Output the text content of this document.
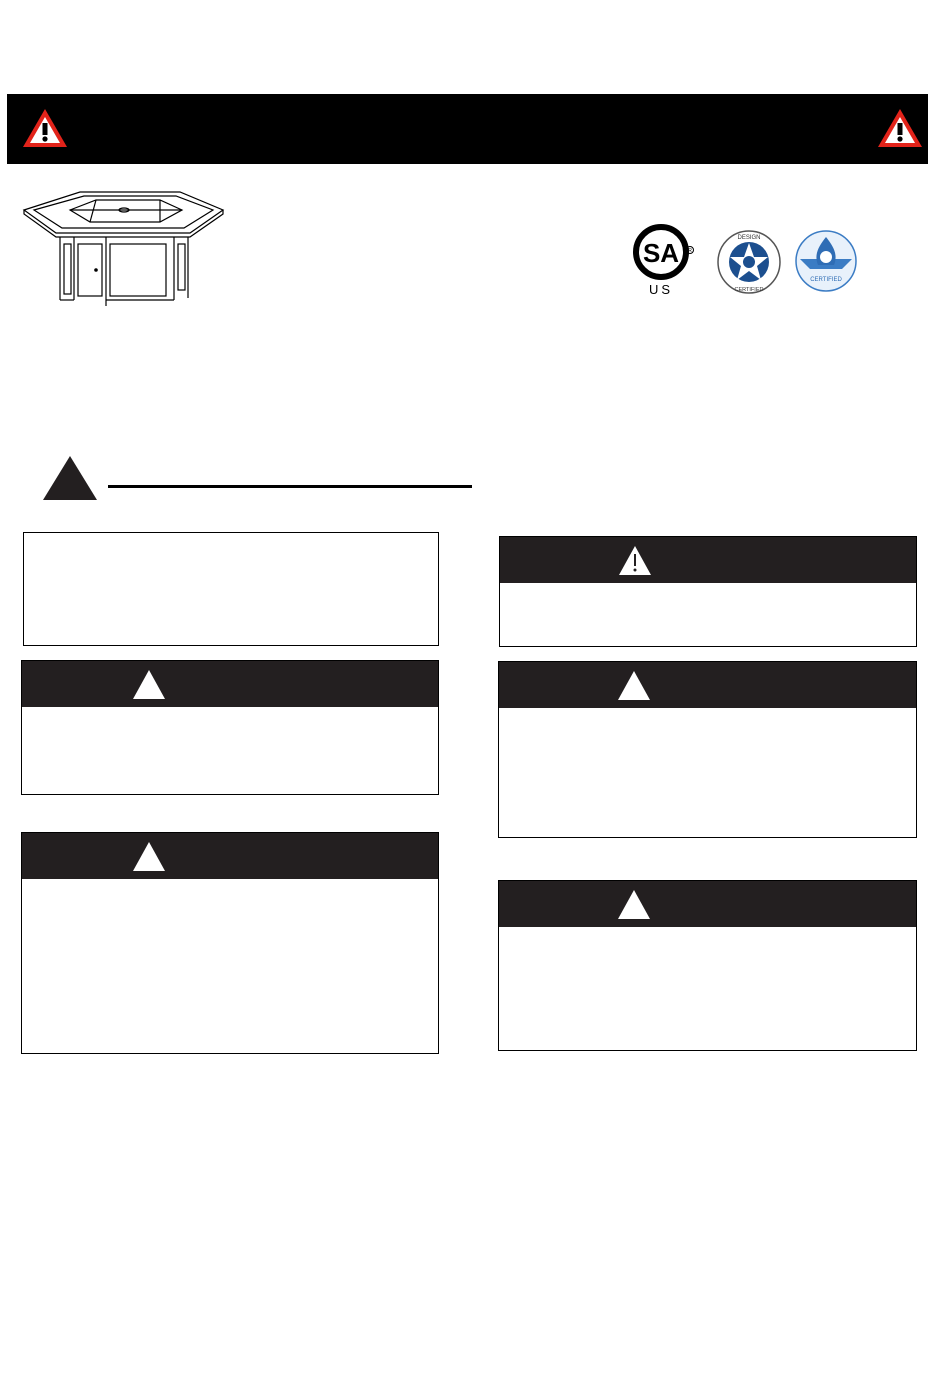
SA R
US
DESIGN
CERTIFIED
CERTIFIED
